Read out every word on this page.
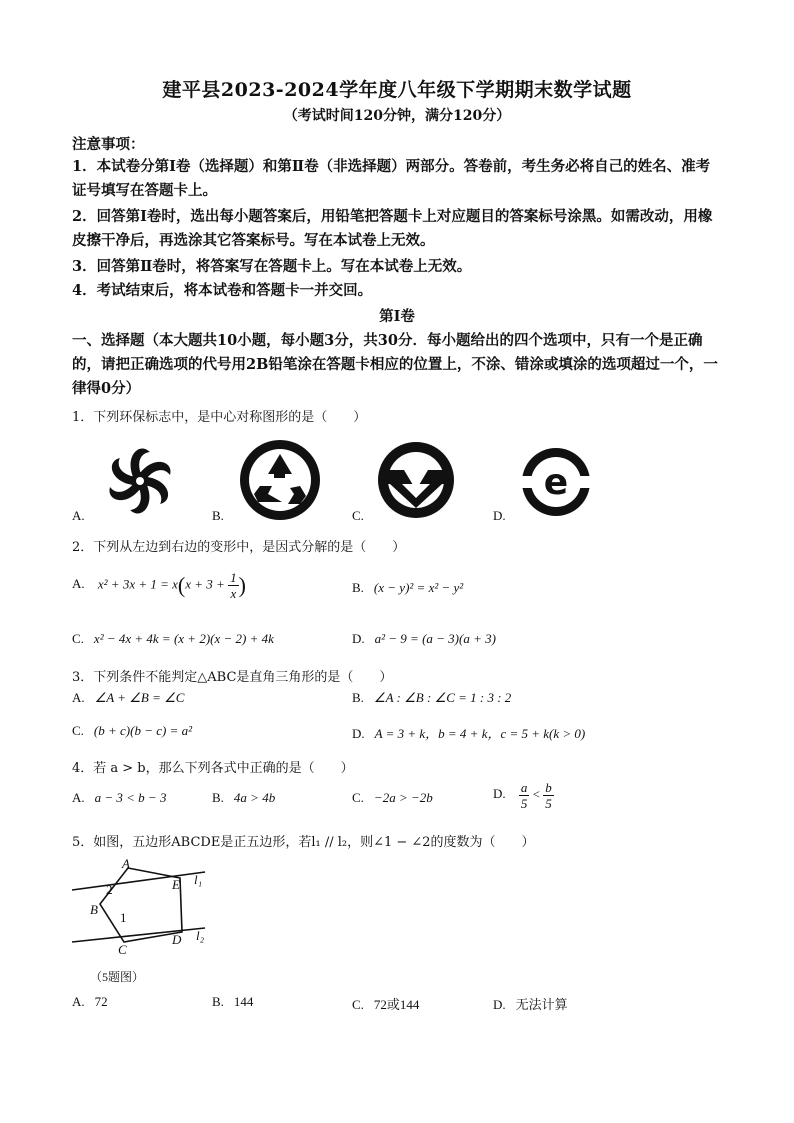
建平县2023-2024学年度八年级下学期期末数学试题
（考试时间120分钟，满分120分）
注意事项：
1．本试卷分第Ⅰ卷（选择题）和第Ⅱ卷（非选择题）两部分。答卷前，考生务必将自己的姓名、准考证号填写在答题卡上。
2．回答第Ⅰ卷时，选出每小题答案后，用铅笔把答题卡上对应题目的答案标号涂黑。如需改动，用橡皮擦干净后，再选涂其它答案标号。写在本试卷上无效。
3．回答第Ⅱ卷时，将答案写在答题卡上。写在本试卷上无效。
4．考试结束后，将本试卷和答题卡一并交回。
第Ⅰ卷
一、选择题（本大题共10小题，每小题3分，共30分．每小题给出的四个选项中，只有一个是正确的，请把正确选项的代号用2B铅笔涂在答题卡相应的位置上，不涂、错涂或填涂的选项超过一个，一律得0分）
1．下列环保标志中，是中心对称图形的是（　　）
e
A.	B.	C.	D.
2．下列从左边到右边的变形中，是因式分解的是（　　）
A. $x^2 + 3x + 1 = x(x + 3 + \frac{1}{x}$ )	B. (x − y)² = x² − y²
C. x² − 4x + 4k = (x + 2)(x − 2) + 4k	D. a² − 9 = (a − 3)(a + 3)
3．下列条件不能判定△ABC是直角三角形的是（　　）
A. ∠A + ∠B = ∠C	B. ∠A : ∠B : ∠C = 1 : 3 : 2
C. (b + c)(b − c) = a²	D. A = 3 + k，b = 4 + k，c = 5 + k(k > 0)
4．若 a > b，那么下列各式中正确的是（　　）
A. a − 3 < b − 3	B. 4a > 4b	C. −2a > −2b	D. $\frac{a}{5} < \frac{b}{5}$
5．如图，五边形ABCDE是正五边形，若l₁ // l₂，则∠1 − ∠2的度数为（　　）
A
E l₁
2
B
1
l₂
C
D
（5题图）
A. 72	B. 144	C. 72或144	D. 无法计算
